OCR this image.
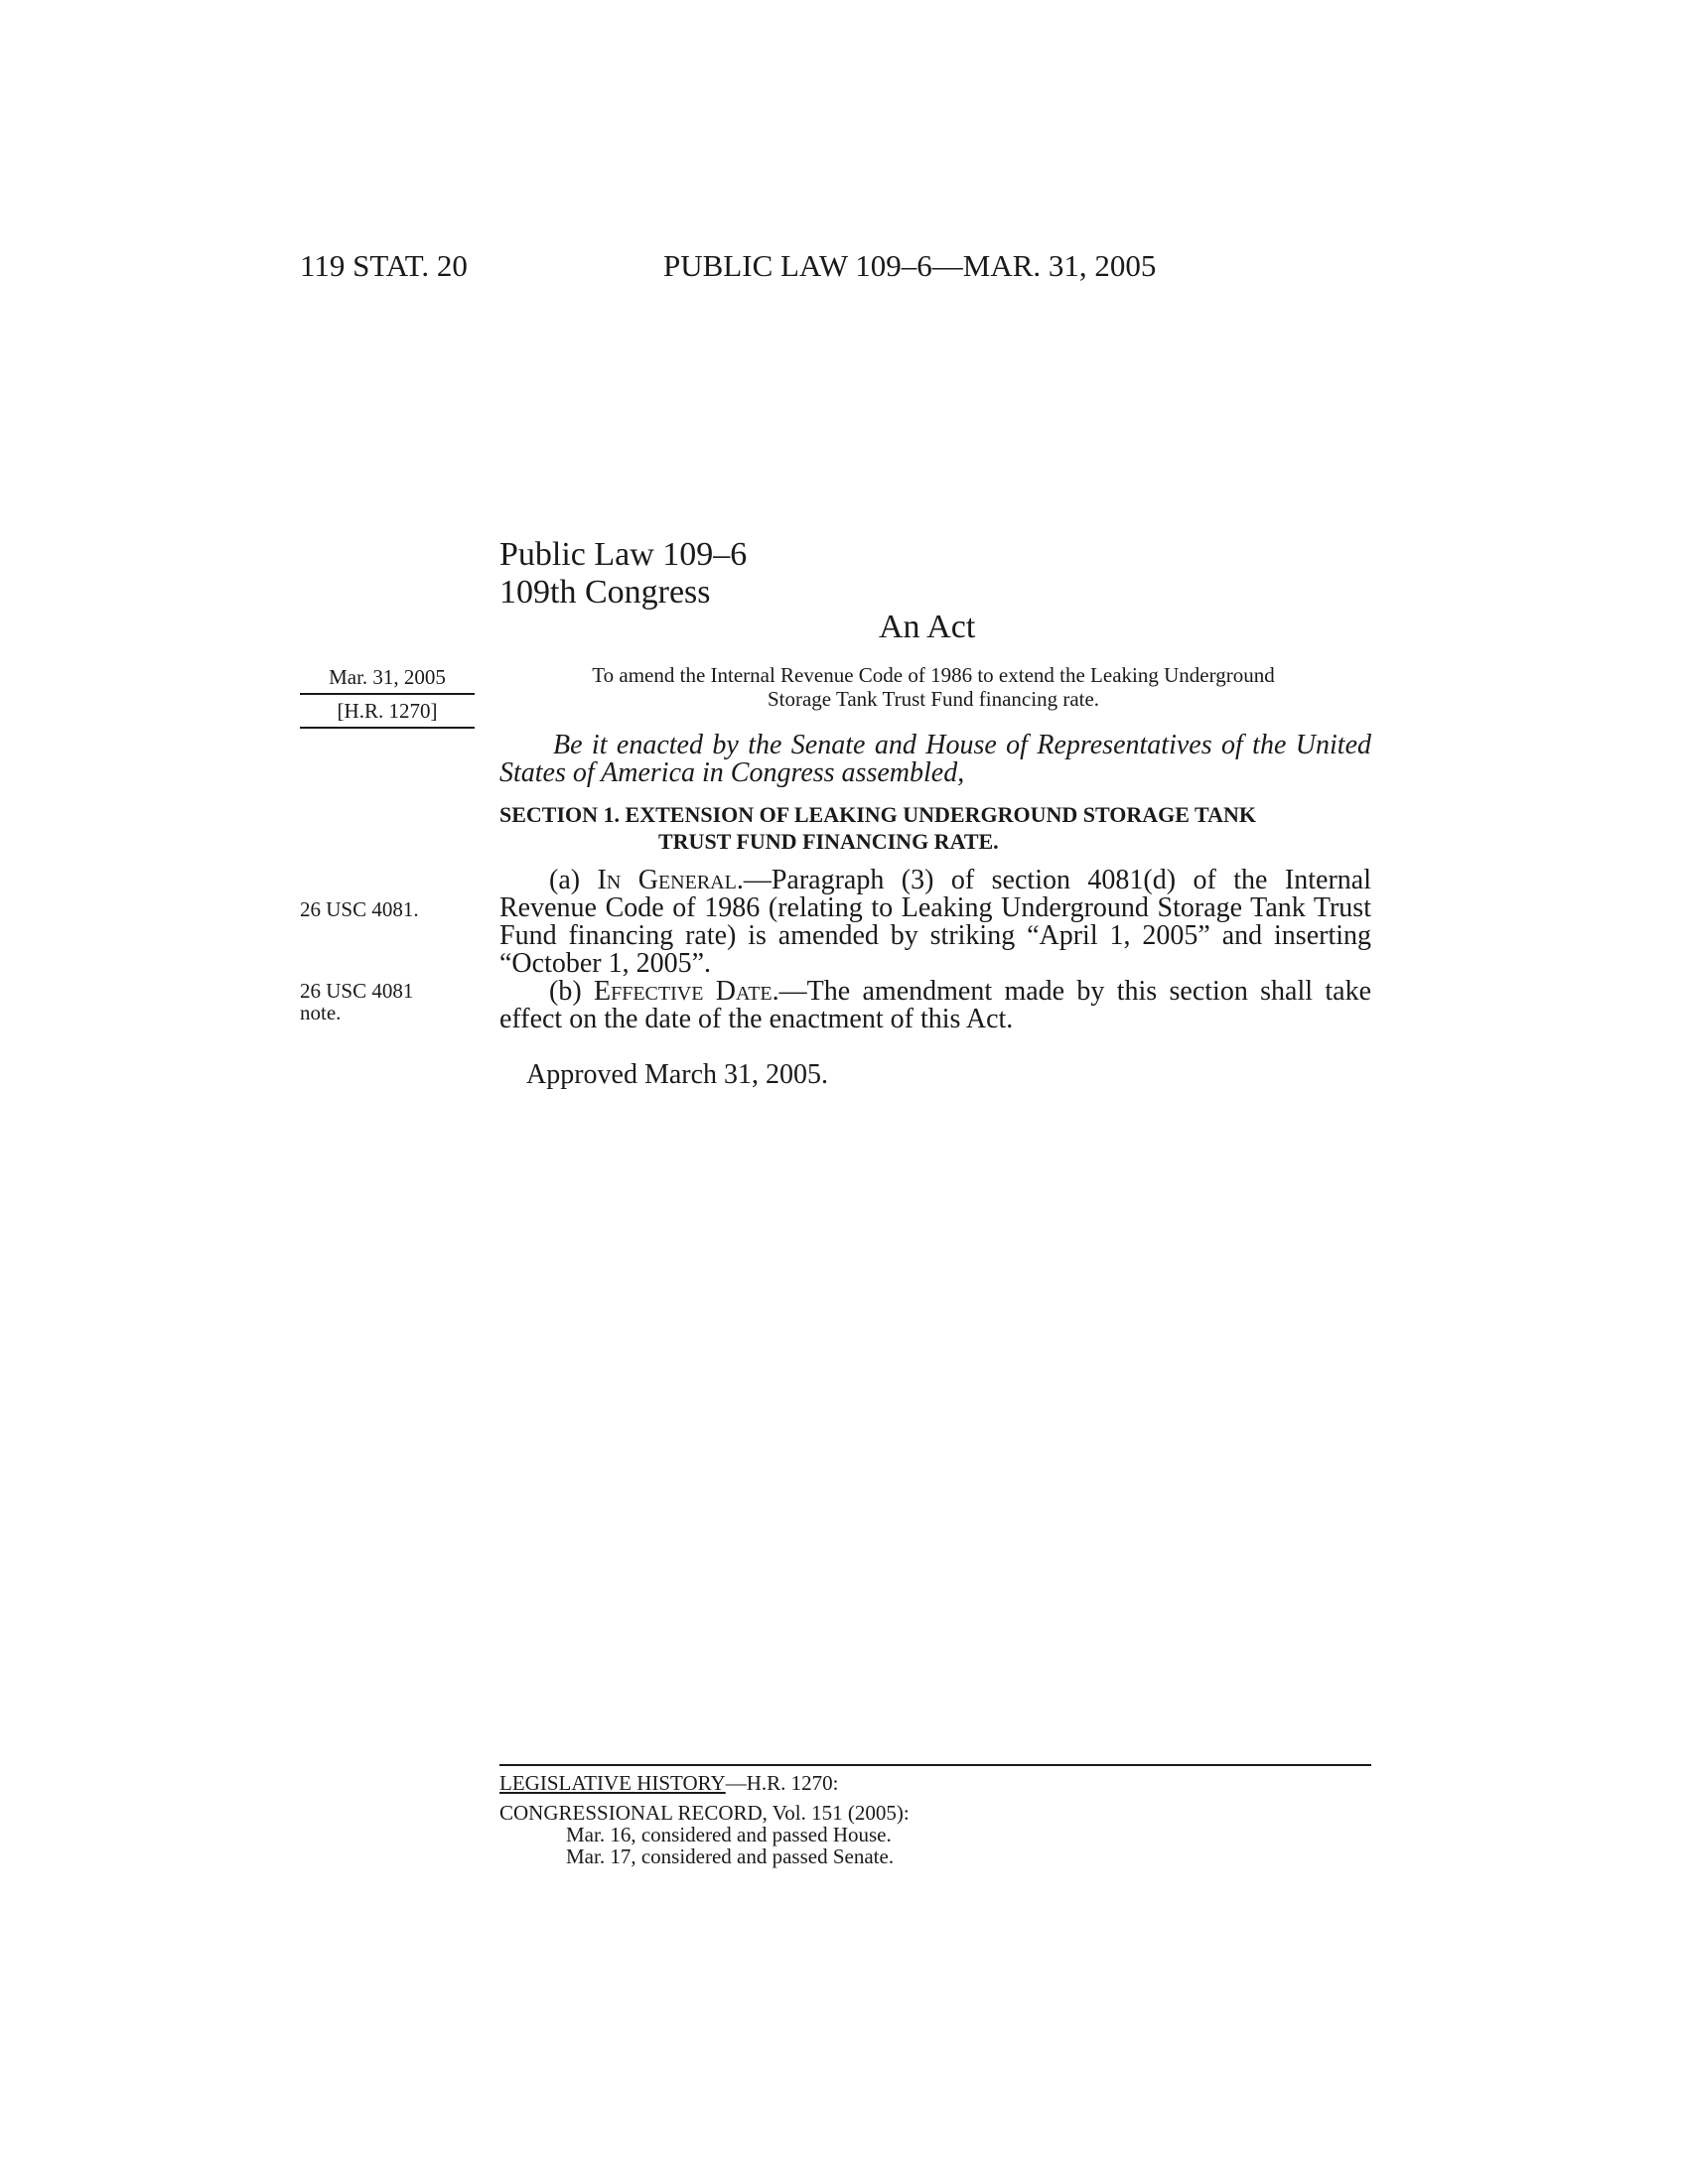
119 STAT. 20	PUBLIC LAW 109–6—MAR. 31, 2005
Public Law 109–6
109th Congress
An Act
Mar. 31, 2005
[H.R. 1270]
To amend the Internal Revenue Code of 1986 to extend the Leaking Underground
Storage Tank Trust Fund financing rate.
Be it enacted by the Senate and House of Representatives of the United States of America in Congress assembled,
SECTION 1. EXTENSION OF LEAKING UNDERGROUND STORAGE TANK
TRUST FUND FINANCING RATE.
(a) In General.—Paragraph (3) of section 4081(d) of the Internal Revenue Code of 1986 (relating to Leaking Underground Storage Tank Trust Fund financing rate) is amended by striking “April 1, 2005” and inserting “October 1, 2005”.
(b) Effective Date.—The amendment made by this section shall take effect on the date of the enactment of this Act.
26 USC 4081.
26 USC 4081
note.
Approved March 31, 2005.
LEGISLATIVE HISTORY—H.R. 1270:
CONGRESSIONAL RECORD, Vol. 151 (2005):
Mar. 16, considered and passed House.
Mar. 17, considered and passed Senate.
